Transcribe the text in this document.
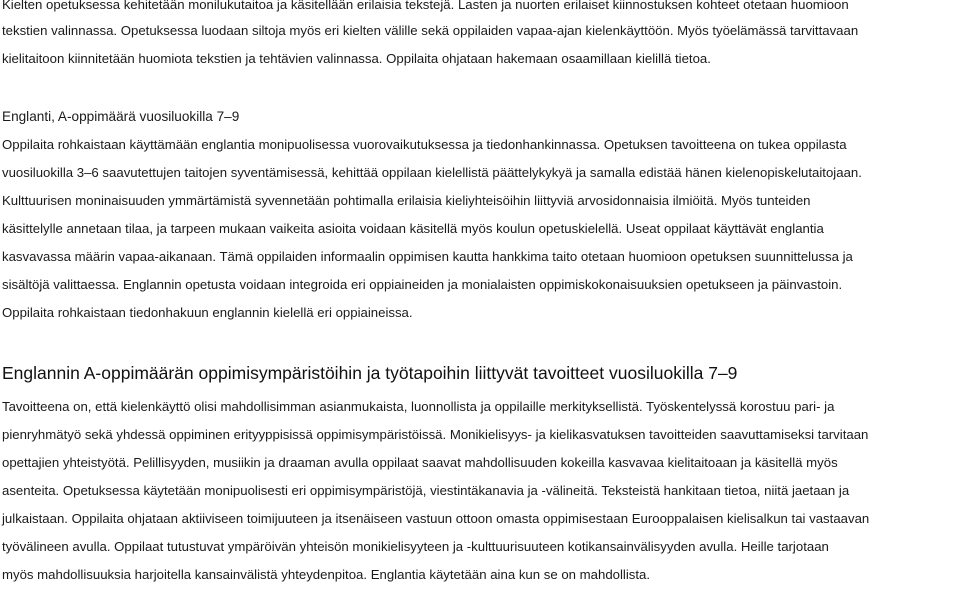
Kielten opetuksessa kehitetään monilukutaitoa ja käsitellään erilaisia tekstejä. Lasten ja nuorten erilaiset kiinnostuksen kohteet otetaan huomioon
tekstien valinnassa. Opetuksessa luodaan siltoja myös eri kielten välille sekä oppilaiden vapaa-ajan kielenkäyttöön. Myös työelämässä tarvittavaan
kielitaitoon kiinnitetään huomiota tekstien ja tehtävien valinnassa. Oppilaita ohjataan hakemaan osaamillaan kielillä tietoa.
Englanti, A-oppimäärä vuosiluokilla 7–9
Oppilaita rohkaistaan käyttämään englantia monipuolisessa vuorovaikutuksessa ja tiedonhankinnassa. Opetuksen tavoitteena on tukea oppilasta
vuosiluokilla 3–6 saavutettujen taitojen syventämisessä, kehittää oppilaan kielellistä päättelykykyä ja samalla edistää hänen kielenopiskelutaitojaan.
Kulttuurisen moninaisuuden ymmärtämistä syvennetään pohtimalla erilaisia kieliyhteisöihin liittyviä arvosidonnaisia ilmiöitä. Myös tunteiden
käsittelylle annetaan tilaa, ja tarpeen mukaan vaikeita asioita voidaan käsitellä myös koulun opetuskielellä. Useat oppilaat käyttävät englantia
kasvavassa määrin vapaa-aikanaan. Tämä oppilaiden informaalin oppimisen kautta hankkima taito otetaan huomioon opetuksen suunnittelussa ja
sisältöjä valittaessa. Englannin opetusta voidaan integroida eri oppiaineiden ja monialaisten oppimiskokonaisuuksien opetukseen ja päinvastoin.
Oppilaita rohkaistaan tiedonhakuun englannin kielellä eri oppiaineissa.
Englannin A-oppimäärän oppimisympäristöihin ja työtapoihin liittyvät tavoitteet vuosiluokilla 7–9
Tavoitteena on, että kielenkäyttö olisi mahdollisimman asianmukaista, luonnollista ja oppilaille merkityksellistä. Työskentelyssä korostuu pari- ja
pienryhmätyö sekä yhdessä oppiminen erityyppisissä oppimisympäristöissä. Monikielisyys- ja kielikasvatuksen tavoitteiden saavuttamiseksi tarvitaan
opettajien yhteistyötä. Pelillisyyden, musiikin ja draaman avulla oppilaat saavat mahdollisuuden kokeilla kasvavaa kielitaitoaan ja käsitellä myös
asenteita. Opetuksessa käytetään monipuolisesti eri oppimisympäristöjä, viestintäkanavia ja -välineitä. Teksteistä hankitaan tietoa, niitä jaetaan ja
julkaistaan. Oppilaita ohjataan aktiiviseen toimijuuteen ja itsenäiseen vastuun ottoon omasta oppimisestaan Eurooppalaisen kielisalkun tai vastaavan
työvälineen avulla. Oppilaat tutustuvat ympäröivän yhteisön monikielisyyteen ja -kulttuurisuuteen kotikansainvälisyyden avulla. Heille tarjotaan
myös mahdollisuuksia harjoitella kansainvälistä yhteydenpitoa. Englantia käytetään aina kun se on mahdollista.
